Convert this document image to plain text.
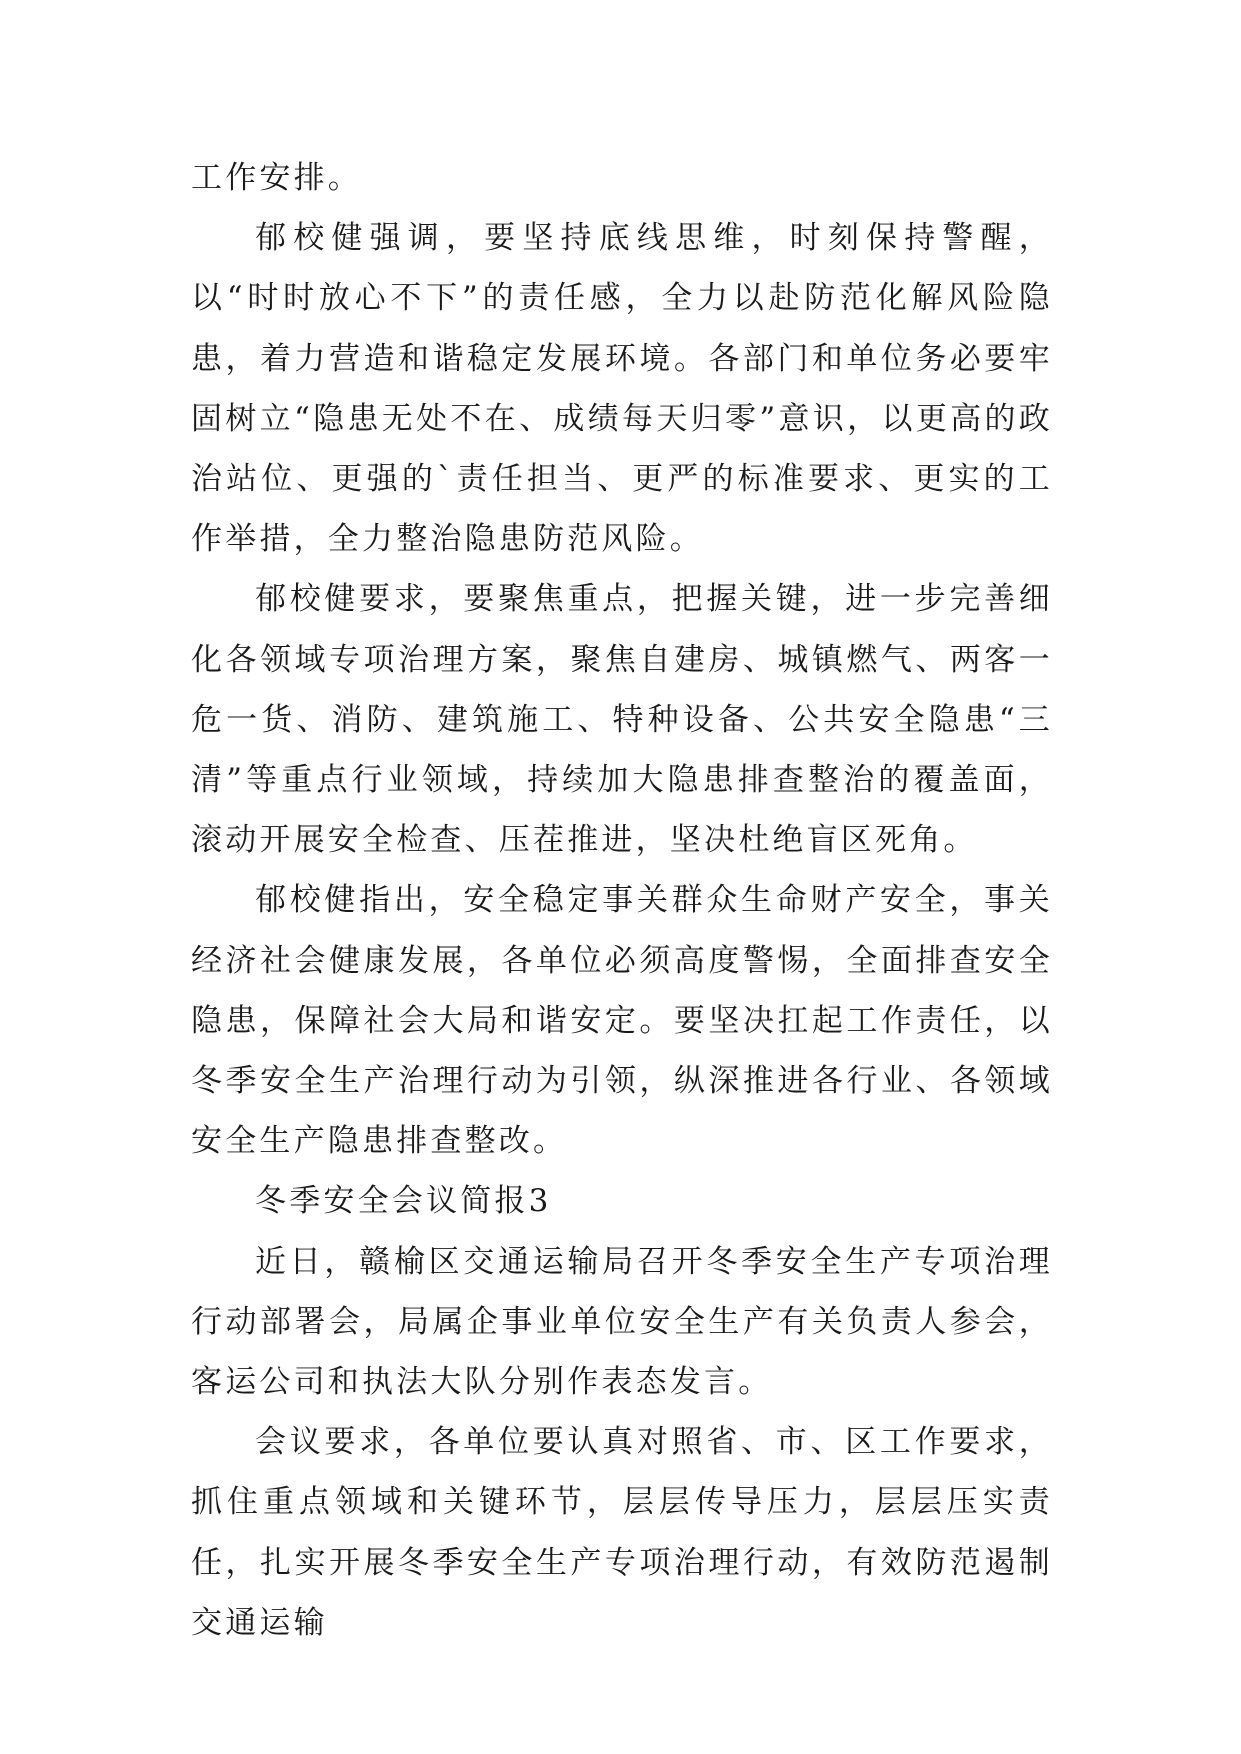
工作安排。

郁校健强调，要坚持底线思维，时刻保持警醒，以“时时放心不下”的责任感，全力以赴防范化解风险隐患，着力营造和谐稳定发展环境。各部门和单位务必要牢固树立“隐患无处不在、成绩每天归零”意识，以更高的政治站位、更强的`责任担当、更严的标准要求、更实的工作举措，全力整治隐患防范风险。

郁校健要求，要聚焦重点，把握关键，进一步完善细化各领域专项治理方案，聚焦自建房、城镇燃气、两客一危一货、消防、建筑施工、特种设备、公共安全隐患“三清”等重点行业领域，持续加大隐患排查整治的覆盖面，滚动开展安全检查、压茬推进，坚决杜绝盲区死角。

郁校健指出，安全稳定事关群众生命财产安全，事关经济社会健康发展，各单位必须高度警惕，全面排查安全隐患，保障社会大局和谐安定。要坚决扛起工作责任，以冬季安全生产治理行动为引领，纵深推进各行业、各领域安全生产隐患排查整改。

冬季安全会议简报3

近日，赣榆区交通运输局召开冬季安全生产专项治理行动部署会，局属企事业单位安全生产有关负责人参会，客运公司和执法大队分别作表态发言。

会议要求，各单位要认真对照省、市、区工作要求，抓住重点领域和关键环节，层层传导压力，层层压实责任，扎实开展冬季安全生产专项治理行动，有效防范遏制交通运输
